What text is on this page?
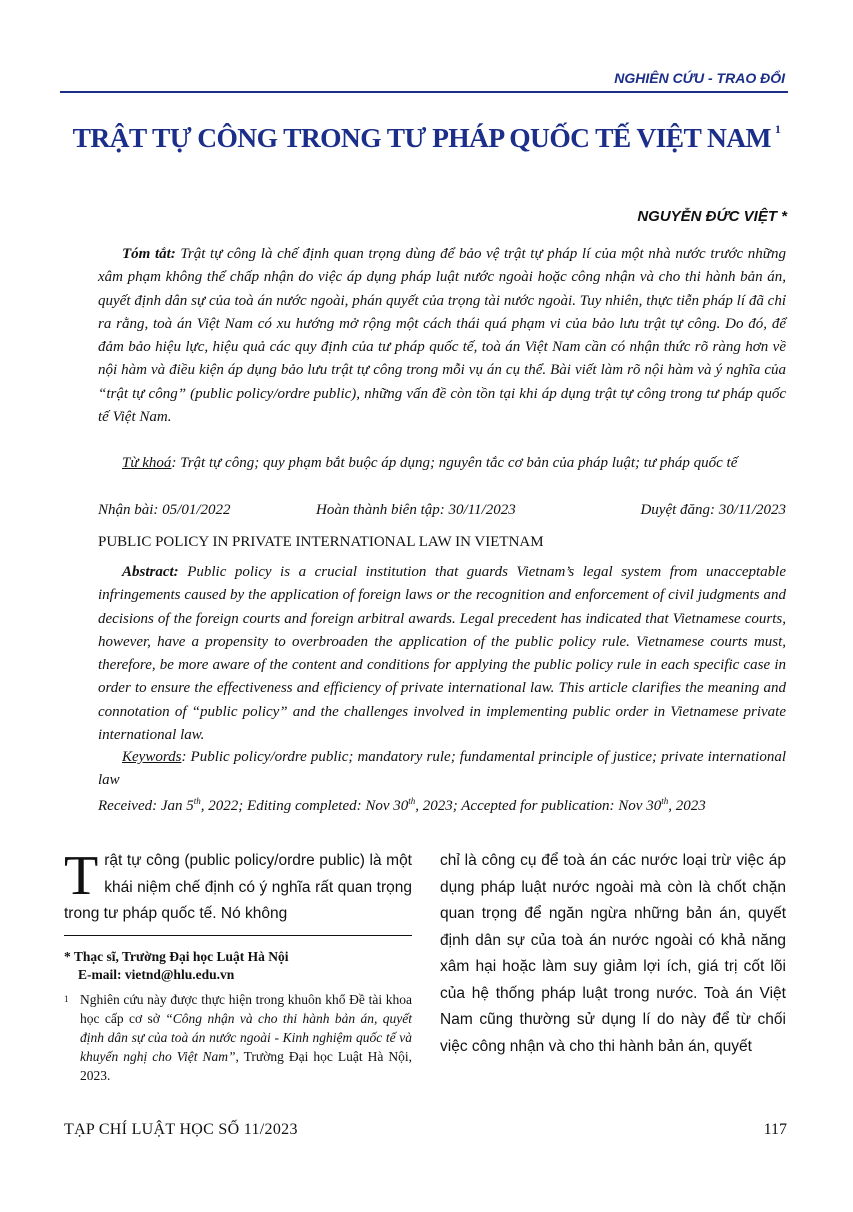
NGHIÊN CỨU - TRAO ĐỔI
TRẬT TỰ CÔNG TRONG TƯ PHÁP QUỐC TẾ VIỆT NAM $^1$
NGUYỄN ĐỨC VIỆT *
Tóm tắt: Trật tự công là chế định quan trọng dùng để bảo vệ trật tự pháp lí của một nhà nước trước những xâm phạm không thể chấp nhận do việc áp dụng pháp luật nước ngoài hoặc công nhận và cho thi hành bản án, quyết định dân sự của toà án nước ngoài, phán quyết của trọng tài nước ngoài. Tuy nhiên, thực tiễn pháp lí đã chỉ ra rằng, toà án Việt Nam có xu hướng mở rộng một cách thái quá phạm vi của bảo lưu trật tự công. Do đó, để đảm bảo hiệu lực, hiệu quả các quy định của tư pháp quốc tế, toà án Việt Nam cần có nhận thức rõ ràng hơn về nội hàm và điều kiện áp dụng bảo lưu trật tự công trong mỗi vụ án cụ thể. Bài viết làm rõ nội hàm và ý nghĩa của “trật tự công” (public policy/ordre public), những vấn đề còn tồn tại khi áp dụng trật tự công trong tư pháp quốc tế Việt Nam.
Từ khoá: Trật tự công; quy phạm bắt buộc áp dụng; nguyên tắc cơ bản của pháp luật; tư pháp quốc tế
Nhận bài: 05/01/2022	Hoàn thành biên tập: 30/11/2023	Duyệt đăng: 30/11/2023
PUBLIC POLICY IN PRIVATE INTERNATIONAL LAW IN VIETNAM
Abstract: Public policy is a crucial institution that guards Vietnam’s legal system from unacceptable infringements caused by the application of foreign laws or the recognition and enforcement of civil judgments and decisions of the foreign courts and foreign arbitral awards. Legal precedent has indicated that Vietnamese courts, however, have a propensity to overbroaden the application of the public policy rule. Vietnamese courts must, therefore, be more aware of the content and conditions for applying the public policy rule in each specific case in order to ensure the effectiveness and efficiency of private international law. This article clarifies the meaning and connotation of “public policy” and the challenges involved in implementing public order in Vietnamese private international law.
Keywords: Public policy/ordre public; mandatory rule; fundamental principle of justice; private international law
Received: Jan 5th, 2022; Editing completed: Nov 30th, 2023; Accepted for publication: Nov 30th, 2023
Trật tự công (public policy/ordre public) là một khái niệm chế định có ý nghĩa rất quan trọng trong tư pháp quốc tế. Nó không
* Thạc sĩ, Trường Đại học Luật Hà Nội
E-mail: vietnd@hlu.edu.vn
1 Nghiên cứu này được thực hiện trong khuôn khổ Đề tài khoa học cấp cơ sở “Công nhận và cho thi hành bản án, quyết định dân sự của toà án nước ngoài - Kinh nghiệm quốc tế và khuyến nghị cho Việt Nam”, Trường Đại học Luật Hà Nội, 2023.
chỉ là công cụ để toà án các nước loại trừ việc áp dụng pháp luật nước ngoài mà còn là chốt chặn quan trọng để ngăn ngừa những bản án, quyết định dân sự của toà án nước ngoài có khả năng xâm hại hoặc làm suy giảm lợi ích, giá trị cốt lõi của hệ thống pháp luật trong nước. Toà án Việt Nam cũng thường sử dụng lí do này để từ chối việc công nhận và cho thi hành bản án, quyết
TẠP CHÍ LUẬT HỌC SỐ 11/2023	117
